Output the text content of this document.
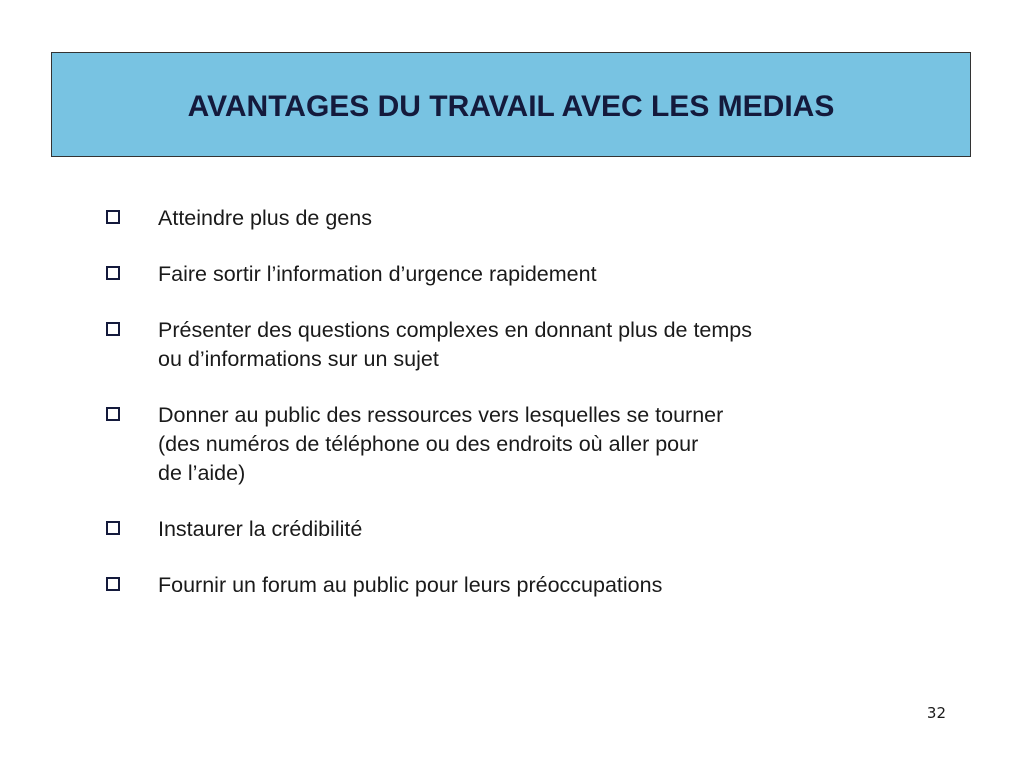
AVANTAGES DU TRAVAIL AVEC LES MEDIAS
Atteindre plus de gens
Faire sortir l’information d’urgence rapidement
Présenter des questions complexes en donnant plus de temps
ou d’informations sur un sujet
Donner au public des ressources vers lesquelles se tourner
(des numéros de téléphone ou des endroits où aller pour
de l’aide)
Instaurer la crédibilité
Fournir un forum au public pour leurs préoccupations
32
